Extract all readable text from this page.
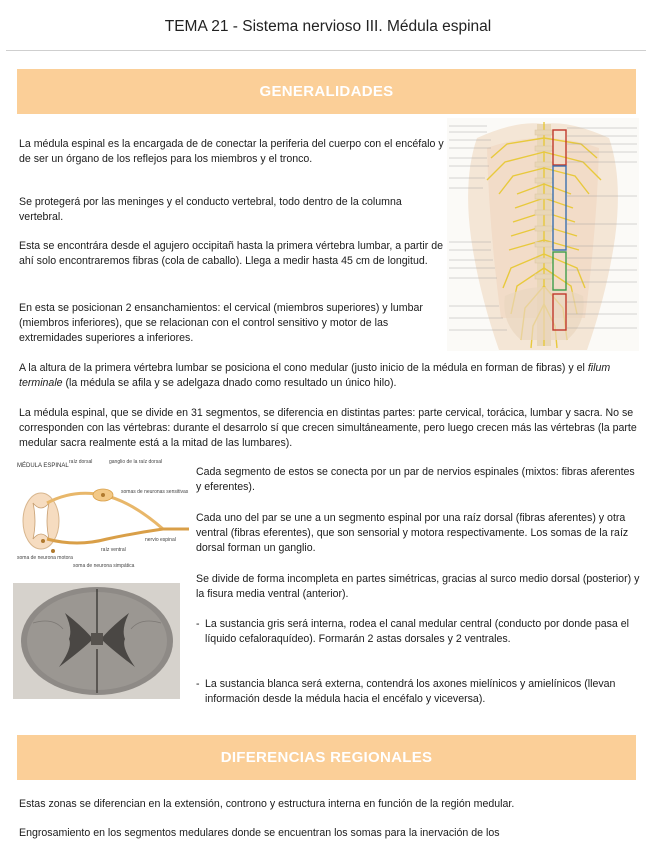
TEMA 21 - Sistema nervioso III. Médula espinal
GENERALIDADES
La médula espinal es la encargada de de conectar la periferia del cuerpo con el encéfalo y de ser un órgano de los reflejos para los miembros y el tronco.
Se protegerá por las meninges y el conducto vertebral, todo dentro de la columna vertebral.
Esta se encontrára desde el agujero occipitañ hasta la primera vértebra lumbar, a partir de ahí solo encontraremos fibras (cola de caballo). Llega a medir hasta 45 cm de longitud.
En esta se posicionan 2 ensanchamientos: el cervical (miembros superiores) y lumbar (miembros inferiores), que se relacionan con el control sensitivo y motor de las extremidades superiores a inferiores.
A la altura de la primera vértebra lumbar se posiciona el cono medular (justo inicio de la médula en forman de fibras) y el filum terminale (la médula se afila y se adelgaza dnado como resultado un único hilo).
La médula espinal, que se divide en 31 segmentos, se diferencia en distintas partes: parte cervical, torácica, lumbar y sacra. No se corresponden con las vértebras: durante el desarrolo sí que crecen simultáneamente, pero luego crecen más las vértebras (la parte medular sacra realmente está a la mitad de las lumbares).
MÉDULA ESPINAL
raíz dorsal	ganglio de la raíz dorsal
somas de neuronas sensitivas
raíz ventral
nervio espinal
soma de neurona motora
soma de neurona simpática
Cada segmento de estos se conecta por un par de nervios espinales (mixtos: fibras aferentes y eferentes).
Cada uno del par se une a un segmento espinal por una raíz dorsal (fibras aferentes) y otra ventral (fibras eferentes), que son sensorial y motora respectivamente. Los somas de la raíz dorsal forman un ganglio.
Se divide de forma incompleta en partes simétricas, gracias al surco medio dorsal (posterior) y la fisura media ventral (anterior).
- La sustancia gris será interna, rodea el canal medular central (conducto por donde pasa el líquido cefaloraquídeo). Formarán 2 astas dorsales y 2 ventrales.
- La sustancia blanca será externa, contendrá los axones mielínicos y amielínicos (llevan información desde la médula hacia el encéfalo y viceversa).
DIFERENCIAS REGIONALES
Estas zonas se diferencian en la extensión, controno y estructura interna en función de la región medular.
Engrosamiento en los segmentos medulares donde se encuentran los somas para la inervación de los
